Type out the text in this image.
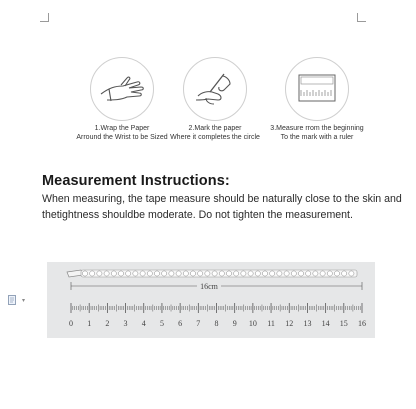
1.Wrap the Paper
Arround the Wrist to be Sized
2.Mark the paper
Where it completes the circle
3.Measure rrom the beginning
To the mark with a ruler
Measurement Instructions:

When measuring, the tape measure should be naturally close to the skin and thetightness shouldbe moderate. Do not tighten the measurement.

▾
16cm
0 1 2 3 4 5 6 7 8 9 10 11 12 13 14 15 16
